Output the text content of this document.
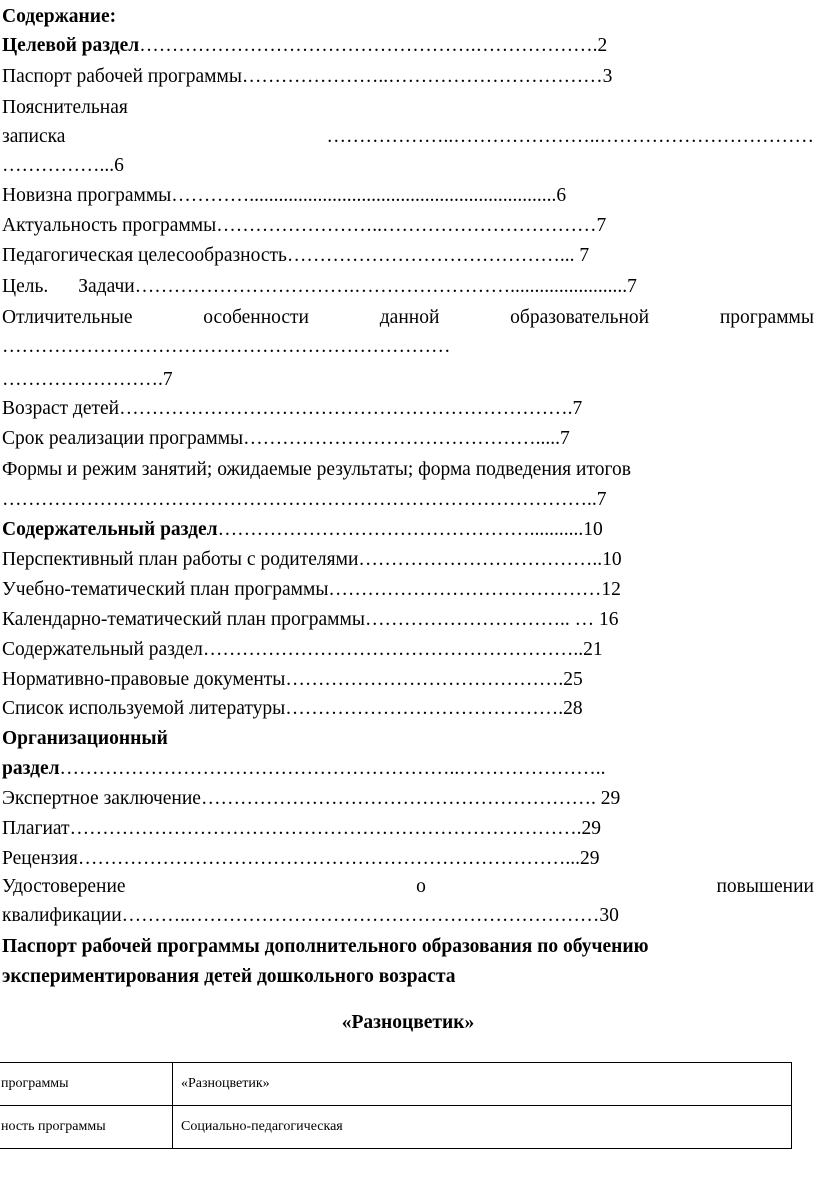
Содержание:
Целевой раздел…………………………………………….……………….2
Паспорт рабочей программы…………………..……………………………3
Пояснительная
записка	………………..…………………..……………………………
……………...6
Новизна программы…………...............................................................6
Актуальность программы……………………..……………………………7
Педагогическая целесообразность……………………………………... 7
Цель. Задачи…………………………….……………………........................7
Отличительные	особенности	данной	образовательной	программы
……………………………………………………………
…………………….7
Возраст детей…………………………………………………………….7
Срок реализации программы……………………………………….....7
Формы и режим занятий; ожидаемые результаты; форма подведения итогов
………………………………………………………………………………..7
Содержательный раздел…………………………………………...........10
Перспективный план работы с родителями………………………………..10
Учебно-тематический план программы……………………………………12
Календарно-тематический план программы………………………….. … 16
Содержательный раздел…………………………………………………..21
Нормативно-правовые документы…………………………………….25
Список используемой литературы…………………………………….28
Организационный
раздел……………………………………………………..…………………..
Экспертное заключение……………………………………………………. 29
Плагиат…………………………………………………………………….29
Рецензия…………………………………………………………………...29
Удостоверение	о	повышении
квалификации………..………………………………………………………30
Паспорт рабочей программы дополнительного образования по обучению
экспериментирования детей дошкольного возраста
«Разноцветик»
программы	«Разноцветик»
ность программы	Социально-педагогическая
